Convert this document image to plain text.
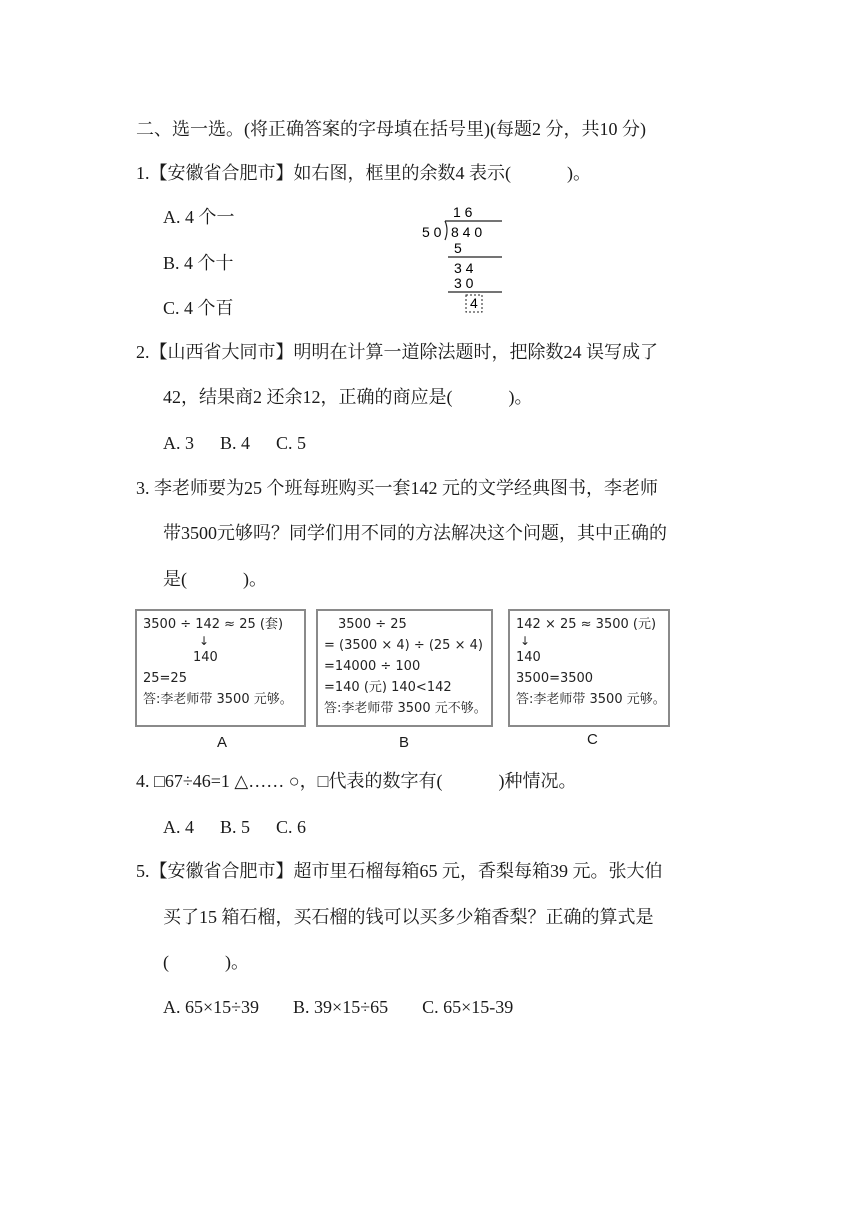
二、选一选。(将正确答案的字母填在括号里)(每题2 分，共10 分)
1.【安徽省合肥市】如右图，框里的余数4 表示(	)。
A. 4 个一
B. 4 个十
C. 4 个百
1 6
5 0 8 4 0
5
3 4
3 0
4
2.【山西省大同市】明明在计算一道除法题时，把除数24 误写成了
42，结果商2 还余12，正确的商应是(	)。
A. 3 B. 4 C. 5
3. 李老师要为25 个班每班购买一套142 元的文学经典图书，李老师
带3500元够吗？同学们用不同的方法解决这个问题，其中正确的
是(	)。
3500 ÷ 142 ≈ 25 (套)
↓
140
25=25
答:李老师带 3500 元够。
A
3500 ÷ 25
= (3500 × 4) ÷ (25 × 4)
=14000 ÷ 100
=140 (元) 140<142
答:李老师带 3500 元不够。
B
142 × 25 ≈ 3500 (元)
↓
140
3500=3500
答:李老师带 3500 元够。
C
4. □67÷46=1 △…… ○，□代表的数字有(	)种情况。
A. 4 B. 5 C. 6
5.【安徽省合肥市】超市里石榴每箱65 元，香梨每箱39 元。张大伯
买了15 箱石榴，买石榴的钱可以买多少箱香梨？正确的算式是
(	)。
A. 65×15÷39 B. 39×15÷65 C. 65×15-39
